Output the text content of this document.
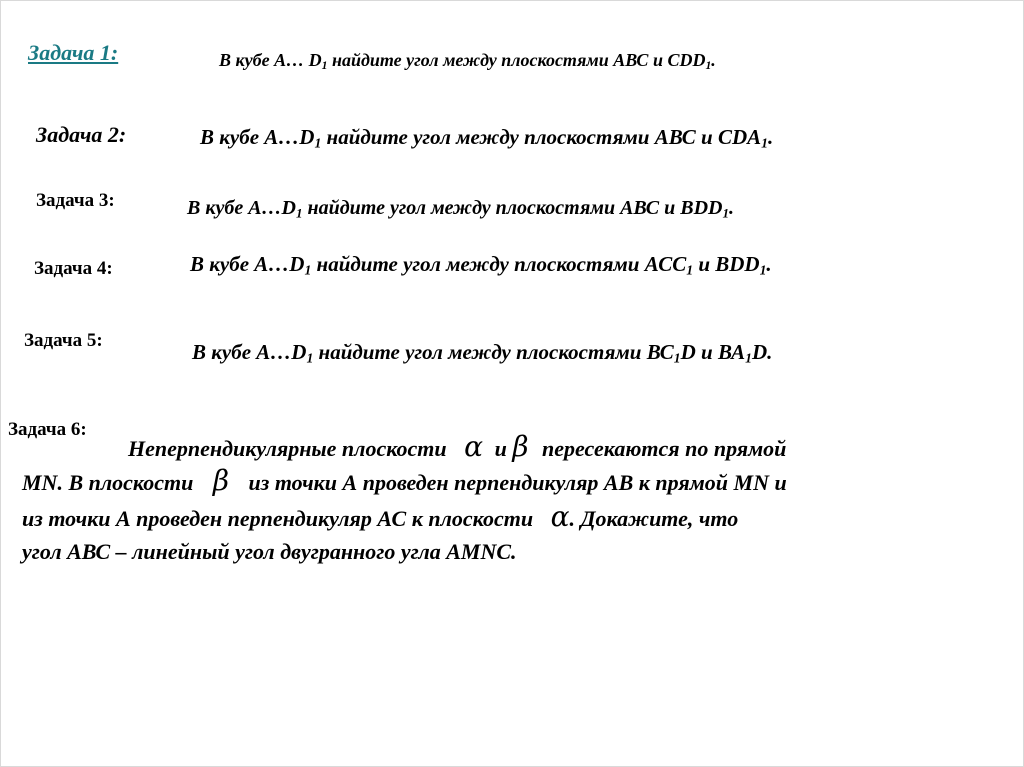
Задача 1:	В кубе А… $D_1$ найдите угол между плоскостями АВС и $CDD_1$.
Задача 2:	В кубе $А\dots D_1$ найдите угол между плоскостями АВС и $CDA_1$.
Задача 3:	В кубе $А\dots D_1$ найдите угол между плоскостями АВС и $BDD_1$.
Задача 4:	В кубе $А\dots D_1$ найдите угол между плоскостями $АСС_1$ и $BDD_1$.
Задача 5:	В кубе $А\dots D_1$ найдите угол между плоскостями $ВС_1D$ и $ВА_1D$.
Задача 6:
Неперпендикулярные плоскости α и β пересекаются по прямой
MN. В плоскости β из точки А проведен перпендикуляр АВ к прямой MN и
из точки А проведен перпендикуляр АС к плоскости α. Докажите, что
угол АВС – линейный угол двугранного угла АMNC.
